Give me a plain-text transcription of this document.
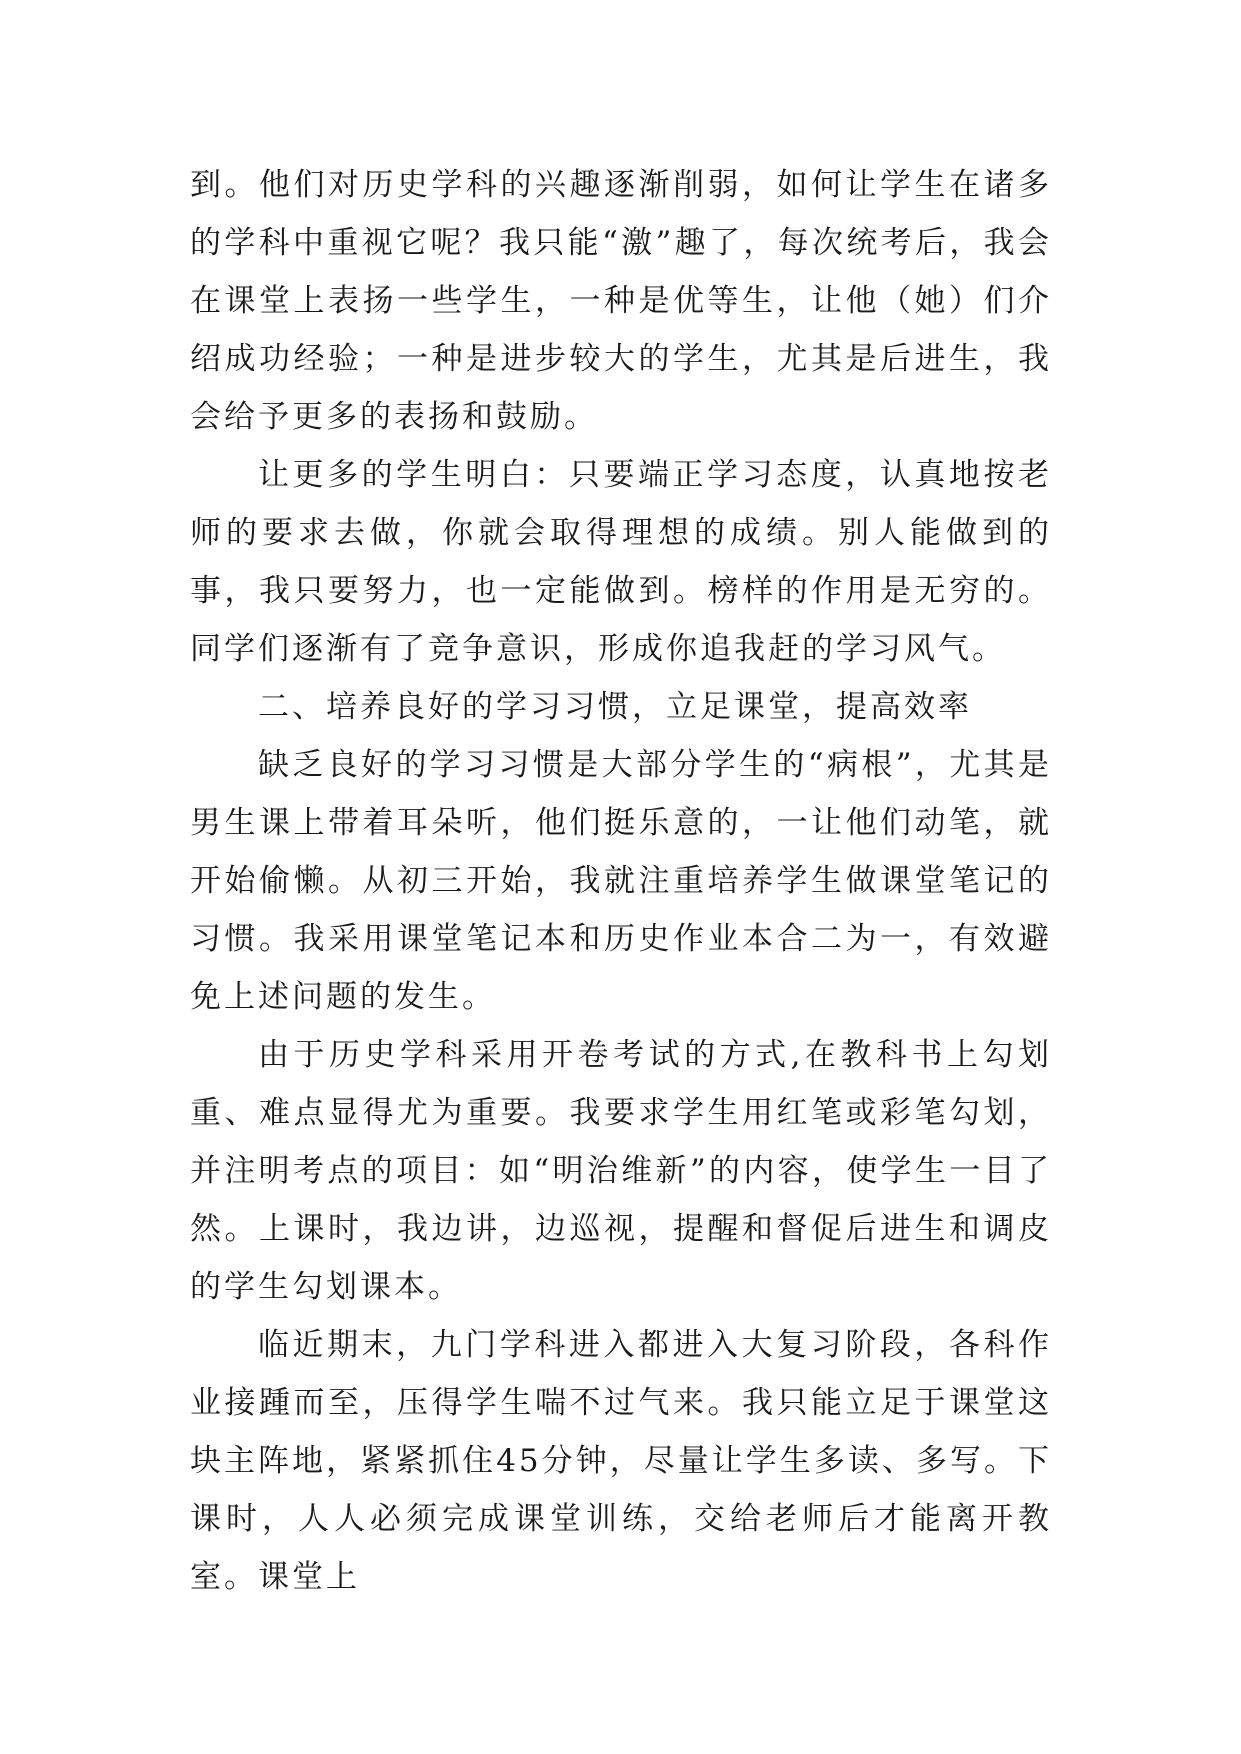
到。他们对历史学科的兴趣逐渐削弱，如何让学生在诸多的学科中重视它呢？我只能“激”趣了，每次统考后，我会在课堂上表扬一些学生，一种是优等生，让他（她）们介绍成功经验；一种是进步较大的学生，尤其是后进生，我会给予更多的表扬和鼓励。

让更多的学生明白：只要端正学习态度，认真地按老师的要求去做，你就会取得理想的成绩。别人能做到的事，我只要努力，也一定能做到。榜样的作用是无穷的。同学们逐渐有了竞争意识，形成你追我赶的学习风气。

二、培养良好的学习习惯，立足课堂，提高效率

缺乏良好的学习习惯是大部分学生的“病根”，尤其是男生课上带着耳朵听，他们挺乐意的，一让他们动笔，就开始偷懒。从初三开始，我就注重培养学生做课堂笔记的习惯。我采用课堂笔记本和历史作业本合二为一，有效避免上述问题的发生。

由于历史学科采用开卷考试的方式,在教科书上勾划重、难点显得尤为重要。我要求学生用红笔或彩笔勾划，并注明考点的项目：如“明治维新”的内容，使学生一目了然。上课时，我边讲，边巡视，提醒和督促后进生和调皮的学生勾划课本。

临近期末，九门学科进入都进入大复习阶段，各科作业接踵而至，压得学生喘不过气来。我只能立足于课堂这块主阵地，紧紧抓住45分钟，尽量让学生多读、多写。下课时，人人必须完成课堂训练，交给老师后才能离开教室。课堂上
